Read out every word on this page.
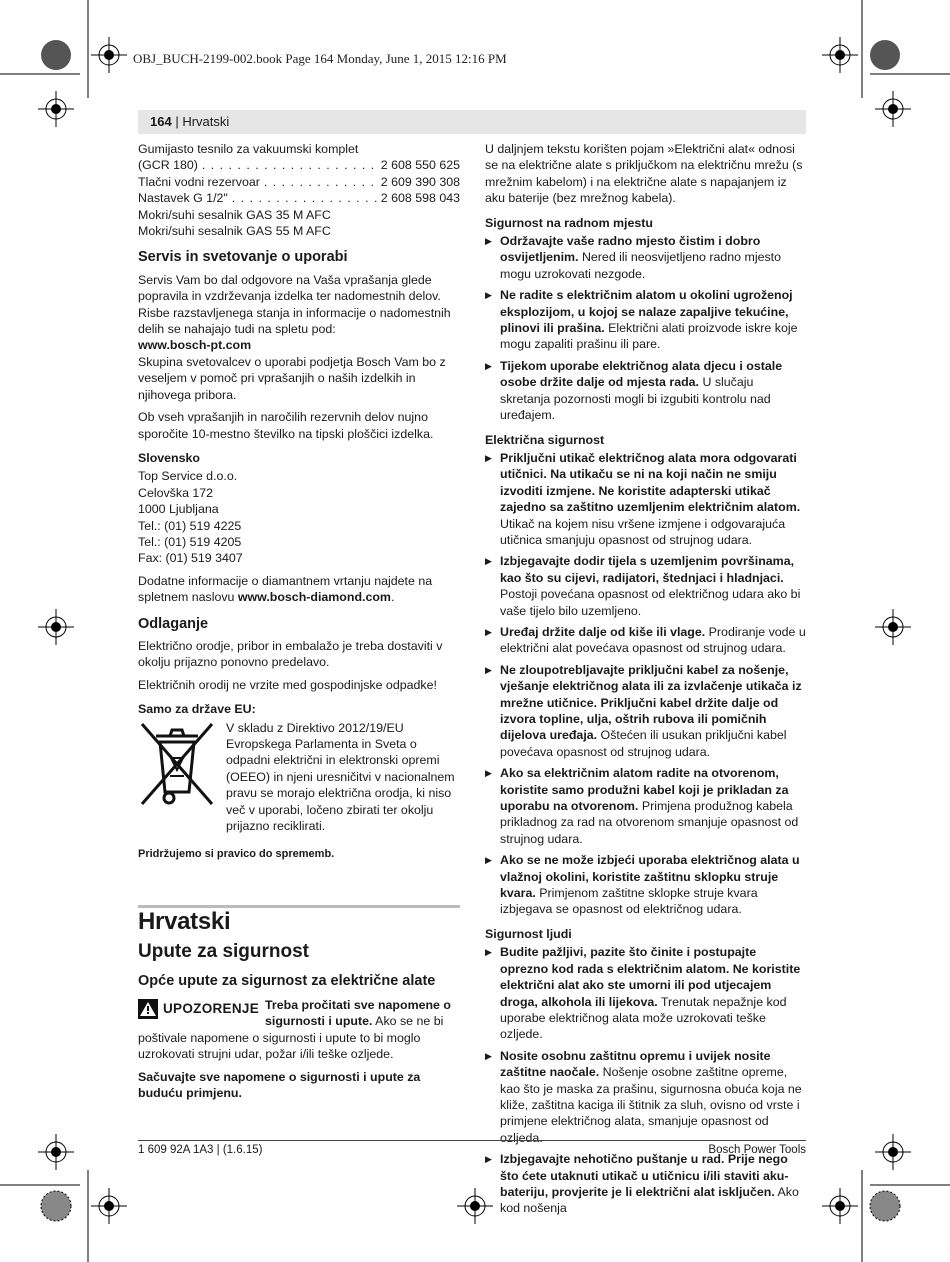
OBJ_BUCH-2199-002.book Page 164 Monday, June 1, 2015 12:16 PM
164 | Hrvatski

Gumijasto tesnilo za vakuumski komplet

(GCR 180) . . .	2 608 550 625
Tlačni vodni rezervoar . . .	2 609 390 308
Nastavek G 1/2" . . .	2 608 598 043
Mokri/suhi sesalnik GAS 35 M AFC
Mokri/suhi sesalnik GAS 55 M AFC
Servis in svetovanje o uporabi

Servis Vam bo dal odgovore na Vaša vprašanja glede popravila in vzdrževanja izdelka ter nadomestnih delov. Risbe razstavljenega stanja in informacije o nadomestnih delih se nahajajo tudi na spletu pod:

www.bosch-pt.com

Skupina svetovalcev o uporabi podjetja Bosch Vam bo z veseljem v pomoč pri vprašanjih o naših izdelkih in njihovega pribora.

Ob vseh vprašanjih in naročilih rezervnih delov nujno sporočite 10-mestno številko na tipski ploščici izdelka.

Slovensko
Top Service d.o.o.
Celovška 172
1000 Ljubljana
Tel.: (01) 519 4225
Tel.: (01) 519 4205
Fax: (01) 519 3407

Dodatne informacije o diamantnem vrtanju najdete na spletnem naslovu www.bosch-diamond.com.

Odlaganje

Električno orodje, pribor in embalažo je treba dostaviti v okolju prijazno ponovno predelavo.

Električnih orodij ne vrzite med gospodinjske odpadke!

Samo za države EU:
V skladu z Direktivo 2012/19/EU Evropskega Parlamenta in Sveta o odpadni električni in elektronski opremi (OEEO) in njeni uresničitvi v nacionalnem pravu se morajo električna orodja, ki niso več v uporabi, ločeno zbirati ter okolju prijazno reciklirati.
Pridržujemo si pravico do sprememb.
Hrvatski
Upute za sigurnost
Opće upute za sigurnost za električne alate
UPOZORENJE Treba pročitati sve napomene o sigurnosti i upute. Ako se ne bi poštivale napomene o sigurnosti i upute to bi moglo uzrokovati strujni udar, požar i/ili teške ozljede.

Sačuvajte sve napomene o sigurnosti i upute za buduću primjenu.

U daljnjem tekstu korišten pojam »Električni alat« odnosi se na električne alate s priključkom na električnu mrežu (s mrežnim kabelom) i na električne alate s napajanjem iz aku baterije (bez mrežnog kabela).

Sigurnost na radnom mjestu
▶ Održavajte vaše radno mjesto čistim i dobro osvijetljenim. Nered ili neosvijetljeno radno mjesto mogu uzrokovati nezgode.
▶ Ne radite s električnim alatom u okolini ugroženoj eksplozijom, u kojoj se nalaze zapaljive tekućine, plinovi ili prašina. Električni alati proizvode iskre koje mogu zapaliti prašinu ili pare.
▶ Tijekom uporabe električnog alata djecu i ostale osobe držite dalje od mjesta rada. U slučaju skretanja pozornosti mogli bi izgubiti kontrolu nad uređajem.
Električna sigurnost
▶ Priključni utikač električnog alata mora odgovarati utičnici. Na utikaču se ni na koji način ne smiju izvoditi izmjene. Ne koristite adapterski utikač zajedno sa zaštitno uzemljenim električnim alatom. Utikač na kojem nisu vršene izmjene i odgovarajuća utičnica smanjuju opasnost od strujnog udara.
▶ Izbjegavajte dodir tijela s uzemljenim površinama, kao što su cijevi, radijatori, štednjaci i hladnjaci. Postoji povećana opasnost od električnog udara ako bi vaše tijelo bilo uzemljeno.
▶ Uređaj držite dalje od kiše ili vlage. Prodiranje vode u električni alat povećava opasnost od strujnog udara.
▶ Ne zloupotrebljavajte priključni kabel za nošenje, vješanje električnog alata ili za izvlačenje utikača iz mrežne utičnice. Priključni kabel držite dalje od izvora topline, ulja, oštrih rubova ili pomičnih dijelova uređaja. Oštećen ili usukan priključni kabel povećava opasnost od strujnog udara.
▶ Ako sa električnim alatom radite na otvorenom, koristite samo produžni kabel koji je prikladan za uporabu na otvorenom. Primjena produžnog kabela prikladnog za rad na otvorenom smanjuje opasnost od strujnog udara.
▶ Ako se ne može izbjeći uporaba električnog alata u vlažnoj okolini, koristite zaštitnu sklopku struje kvara. Primjenom zaštitne sklopke struje kvara izbjegava se opasnost od električnog udara.
Sigurnost ljudi
▶ Budite pažljivi, pazite što činite i postupajte oprezno kod rada s električnim alatom. Ne koristite električni alat ako ste umorni ili pod utjecajem droga, alkohola ili lijekova. Trenutak nepažnje kod uporabe električnog alata može uzrokovati teške ozljede.
▶ Nosite osobnu zaštitnu opremu i uvijek nosite zaštitne naočale. Nošenje osobne zaštitne opreme, kao što je maska za prašinu, sigurnosna obuća koja ne kliže, zaštitna kaciga ili štitnik za sluh, ovisno od vrste i primjene električnog alata, smanjuje opasnost od ozljeda.
▶ Izbjegavajte nehotično puštanje u rad. Prije nego što ćete utaknuti utikač u utičnicu i/ili staviti aku-bateriju, provjerite je li električni alat isključen. Ako kod nošenja
1 609 92A 1A3 | (1.6.15)	Bosch Power Tools
